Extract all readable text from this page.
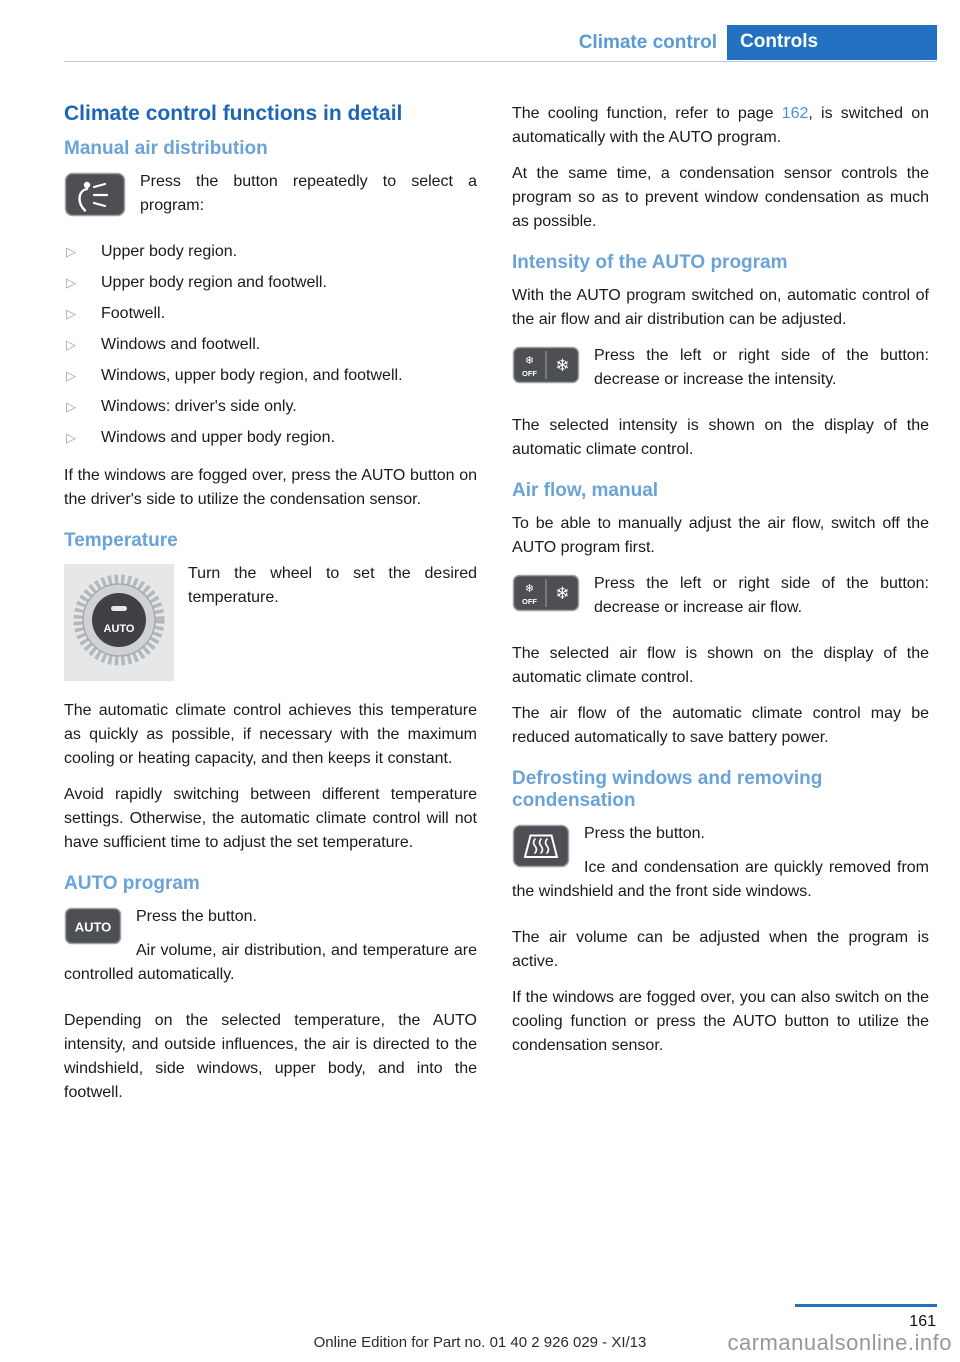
Climate control	Controls
Climate control functions in detail
Manual air distribution

Press the button repeatedly to select a program:

▷ Upper body region.
▷ Upper body region and footwell.
▷ Footwell.
▷ Windows and footwell.
▷ Windows, upper body region, and footwell.
▷ Windows: driver's side only.
▷ Windows and upper body region.

If the windows are fogged over, press the AUTO button on the driver's side to utilize the condensation sensor.

Temperature
AUTO

Turn the wheel to set the desired temperature.

The automatic climate control achieves this temperature as quickly as possible, if necessary with the maximum cooling or heating capacity, and then keeps it constant.

Avoid rapidly switching between different temperature settings. Otherwise, the automatic climate control will not have sufficient time to adjust the set temperature.

AUTO program
AUTO

Press the button.

Air volume, air distribution, and temperature are controlled automatically.

Depending on the selected temperature, the AUTO intensity, and outside influences, the air is directed to the windshield, side windows, upper body, and into the footwell.

The cooling function, refer to page 162, is switched on automatically with the AUTO program.

At the same time, a condensation sensor controls the program so as to prevent window condensation as much as possible.

Intensity of the AUTO program

With the AUTO program switched on, automatic control of the air flow and air distribution can be adjusted.

❄
OFF ❄

Press the left or right side of the button: decrease or increase the intensity.

The selected intensity is shown on the display of the automatic climate control.

Air flow, manual

To be able to manually adjust the air flow, switch off the AUTO program first.

❄
OFF ❄

Press the left or right side of the button: decrease or increase air flow.

The selected air flow is shown on the display of the automatic climate control.

The air flow of the automatic climate control may be reduced automatically to save battery power.

Defrosting windows and removing condensation

Press the button.

Ice and condensation are quickly removed from the windshield and the front side windows.

The air volume can be adjusted when the program is active.

If the windows are fogged over, you can also switch on the cooling function or press the AUTO button to utilize the condensation sensor.

161
Online Edition for Part no. 01 40 2 926 029 - XI/13	carmanualsonline.info
